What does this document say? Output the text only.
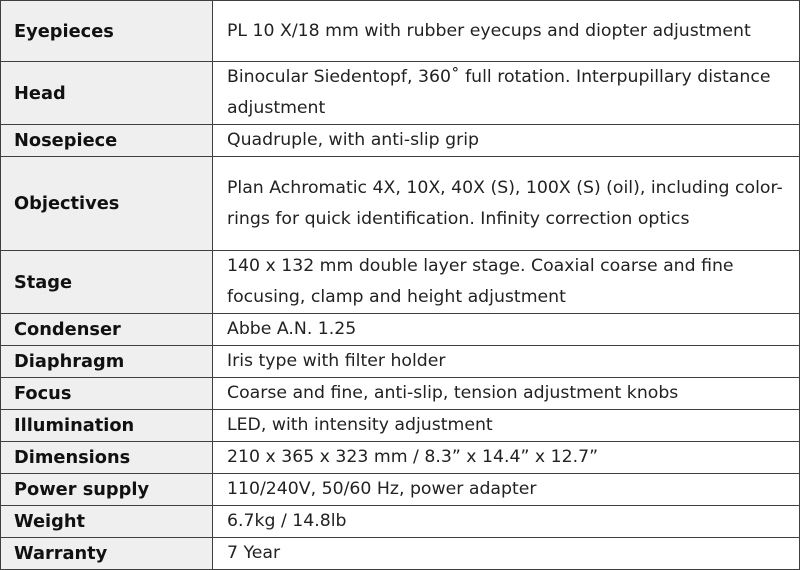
Eyepieces	PL 10 X/18 mm with rubber eyecups and diopter adjustment
Head	Binocular Siedentopf, 360˚ full rotation. Interpupillary distance adjustment
Nosepiece	Quadruple, with anti-slip grip
Objectives	Plan Achromatic 4X, 10X, 40X (S), 100X (S) (oil), including color-rings for quick identification. Infinity correction optics
Stage	140 x 132 mm double layer stage. Coaxial coarse and fine focusing, clamp and height adjustment
Condenser	Abbe A.N. 1.25
Diaphragm	Iris type with filter holder
Focus	Coarse and fine, anti-slip, tension adjustment knobs
Illumination	LED, with intensity adjustment
Dimensions	210 x 365 x 323 mm / 8.3” x 14.4” x 12.7”
Power supply	110/240V, 50/60 Hz, power adapter
Weight	6.7kg / 14.8lb
Warranty	7 Year
